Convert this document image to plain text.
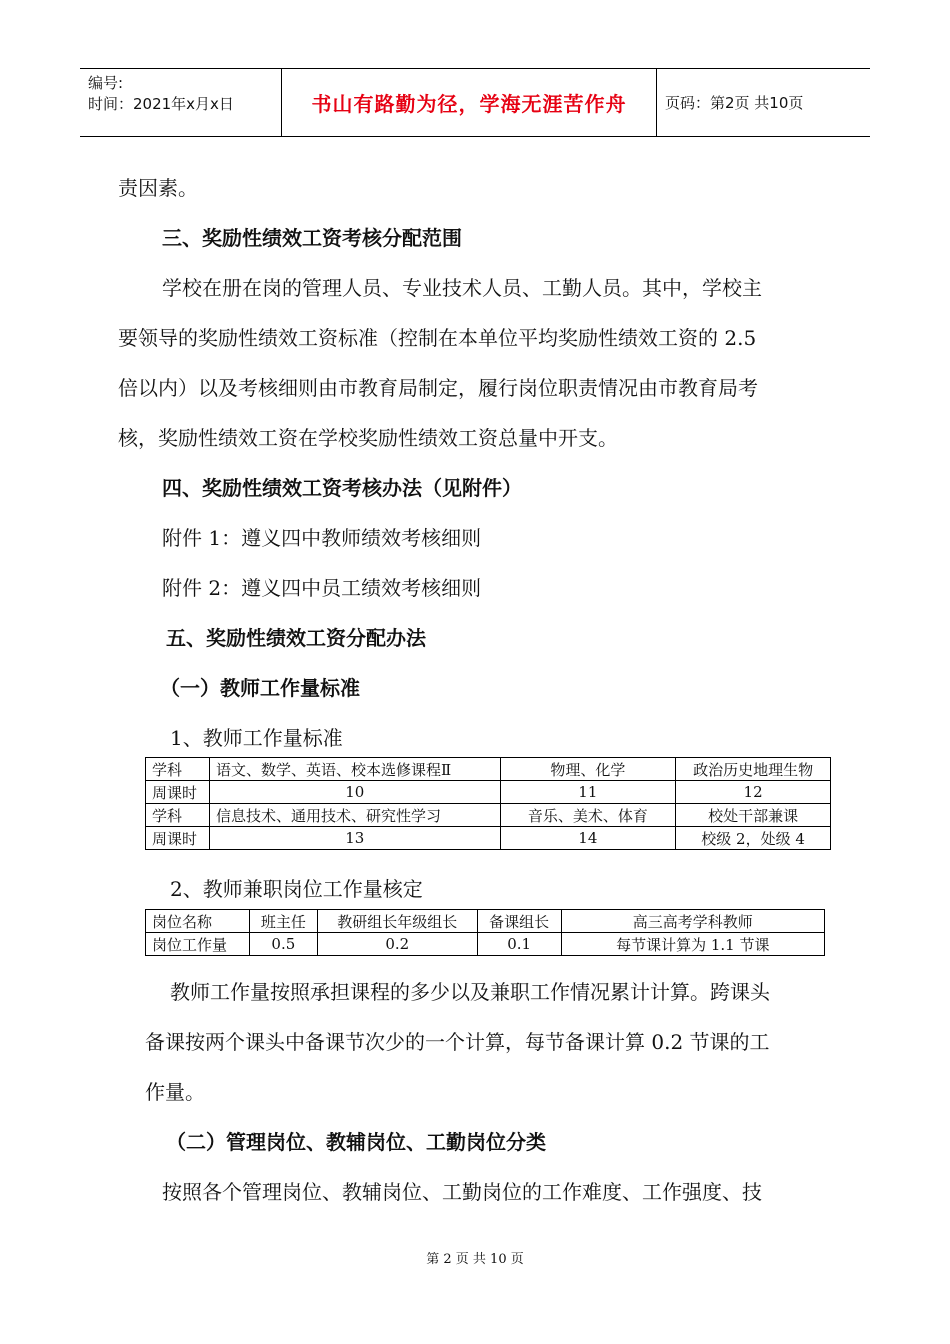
编号:
时间：2021年x月x日	书山有路勤为径，学海无涯苦作舟	页码：第2页 共10页
责因素。
三、奖励性绩效工资考核分配范围
学校在册在岗的管理人员、专业技术人员、工勤人员。其中，学校主
要领导的奖励性绩效工资标准（控制在本单位平均奖励性绩效工资的 2.5
倍以内）以及考核细则由市教育局制定，履行岗位职责情况由市教育局考
核，奖励性绩效工资在学校奖励性绩效工资总量中开支。
四、奖励性绩效工资考核办法（见附件）
附件 1：遵义四中教师绩效考核细则
附件 2：遵义四中员工绩效考核细则
五、奖励性绩效工资分配办法
（一）教师工作量标准
1、教师工作量标准
学科	语文、数学、英语、校本选修课程Ⅱ	物理、化学	政治历史地理生物
周课时	10	11	12
学科	信息技术、通用技术、研究性学习	音乐、美术、体育	校处干部兼课
周课时	13	14	校级 2，处级 4
2、教师兼职岗位工作量核定
岗位名称	班主任	教研组长年级组长	备课组长	高三高考学科教师
岗位工作量	0.5	0.2	0.1	每节课计算为 1.1 节课
教师工作量按照承担课程的多少以及兼职工作情况累计计算。跨课头
备课按两个课头中备课节次少的一个计算，每节备课计算 0.2 节课的工
作量。
（二）管理岗位、教辅岗位、工勤岗位分类
按照各个管理岗位、教辅岗位、工勤岗位的工作难度、工作强度、技
第 2 页 共 10 页
